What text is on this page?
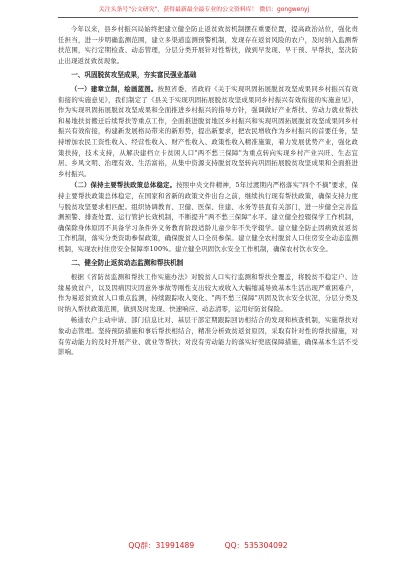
关注头条号"公文研究"，获得最新最全最专业的公文资料库！ 微信：gongwenyj

今年以来，县乡村振兴局始终把建立健全防止返贫致贫机制摆在重要位置，提高政治站位，强化责任担当，进一步明确监测范围，建立多渠道监测预警机制，发现存在返贫风险的农户，及时纳入监测帮扶范围，实行定期检查、动态管理，分层分类开展针对性帮扶，做到早发现、早干预、早帮扶，坚决防止出现返贫致贫现象。

一、巩固脱贫攻坚成果，夯实富民强业基础

（一）建章立制，绘画蓝图。按照省委、省政府《关于实现巩固拓展脱贫攻坚成果同乡村振兴有效衔接的实施意见》，我们制定了《县关于实现巩固拓展脱贫攻坚成果同乡村振兴有效衔接的实施意见》，作为实现巩固拓展脱贫攻坚成果和全面推进乡村振兴的指导方针，强调做好产业帮扶、劳动力就业帮扶和易地扶贫搬迁后续帮扶等重点工作，全面推进脱贫地区乡村振兴和实现巩固拓展脱贫攻坚成果同乡村振兴有效衔接，构建新发展格局带来的新形势，提出新要求，把农民增收作为乡村振兴的首要任务，坚持增加农民工资性收入、经营性收入、财产性收入、政策性收入精准施策，着力发展优势产业，强化政策扶持，技术支持，从解决建档立卡贫困人口"两不愁三保障"为重点转向实现乡村产业兴旺、生态宜居、乡风文明、治理有效、生活富裕，从集中资源支持脱贫攻坚转向巩固拓展脱贫攻坚成果和全面推进乡村振兴。

（二）保持主要帮扶政策总体稳定。按照中央文件精神，5年过渡期内严格落实"四个不摘"要求，保持主要帮扶政策总体稳定，在国家和省新的政策文件出台之前，继续执行现有帮扶政策，确保支持力度与脱贫攻坚要求相匹配。组织协调教育、卫健、医保、住建、水务等县直有关部门，进一步健全完善监测预警、排查处置、运行管护长效机制，不断提升"两不愁三保障"水平。建立健全控辍保学工作机制，确保除身体原因不具备学习条件外义务教育阶段适龄儿童少年不失学辍学。建立健全防止因病致贫返贫工作机制，落实分类资助参保政策，确保脱贫人口全员参保。建立健全农村脱贫人口住房安全动态监测机制，实现农村住房安全保障率100%。建立健全巩固饮水安全工作机制，确保农村饮水安全。

二、健全防止返贫动态监测和帮扶机制

根据《省防贫监测和帮扶工作实施办法》对脱贫人口实行监测和帮扶全覆盖，将脱贫不稳定户、边缘易致贫户，以及因病因灾因意外事故等刚性支出较大或收入大幅缩减导致基本生活出现严重困难户，作为易返贫致贫人口重点监测，持续跟踪收入变化、"两不愁三保障"巩固及饮水安全状况，分层分类及时纳入帮扶政策范围，做到及时发现、快速响应、动态清零，运用好防贫保险。

畅通农户主动申请、部门信息比对、基层干部定期跟踪回访相结合的发现和核查机制，实施帮扶对象动态管理。坚持预防措施和事后帮扶相结合，精准分析致贫返贫原因，采取有针对性的帮扶措施，对有劳动能力的及时开展产业、就业等帮扶；对没有劳动能力的落实好兜底保障措施，确保基本生活不受影响。

QQ群：31991489	QQ：535304092
